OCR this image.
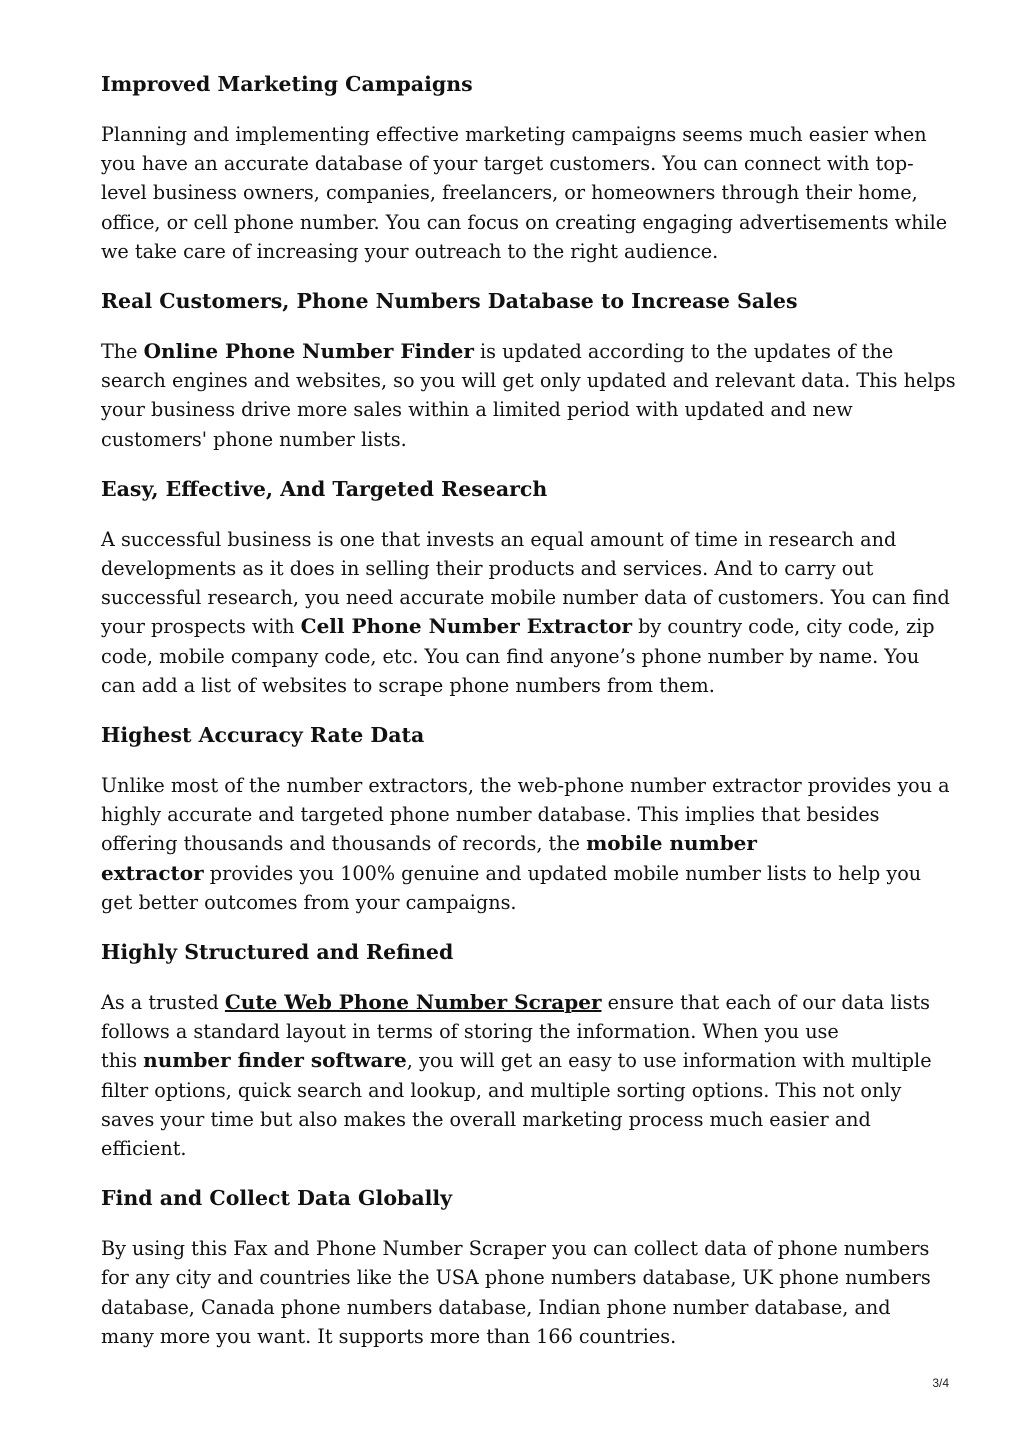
Improved Marketing Campaigns

Planning and implementing effective marketing campaigns seems much easier when
you have an accurate database of your target customers. You can connect with top-
level business owners, companies, freelancers, or homeowners through their home,
office, or cell phone number. You can focus on creating engaging advertisements while
we take care of increasing your outreach to the right audience.

Real Customers, Phone Numbers Database to Increase Sales

The Online Phone Number Finder is updated according to the updates of the
search engines and websites, so you will get only updated and relevant data. This helps
your business drive more sales within a limited period with updated and new
customers' phone number lists.

Easy, Effective, And Targeted Research

A successful business is one that invests an equal amount of time in research and
developments as it does in selling their products and services. And to carry out
successful research, you need accurate mobile number data of customers. You can find
your prospects with Cell Phone Number Extractor by country code, city code, zip
code, mobile company code, etc. You can find anyone’s phone number by name. You
can add a list of websites to scrape phone numbers from them.

Highest Accuracy Rate Data

Unlike most of the number extractors, the web-phone number extractor provides you a
highly accurate and targeted phone number database. This implies that besides
offering thousands and thousands of records, the mobile number
extractor provides you 100% genuine and updated mobile number lists to help you
get better outcomes from your campaigns.

Highly Structured and Refined

As a trusted Cute Web Phone Number Scraper ensure that each of our data lists
follows a standard layout in terms of storing the information. When you use
this number finder software, you will get an easy to use information with multiple
filter options, quick search and lookup, and multiple sorting options. This not only
saves your time but also makes the overall marketing process much easier and
efficient.

Find and Collect Data Globally

By using this Fax and Phone Number Scraper you can collect data of phone numbers
for any city and countries like the USA phone numbers database, UK phone numbers
database, Canada phone numbers database, Indian phone number database, and
many more you want. It supports more than 166 countries.

3/4
